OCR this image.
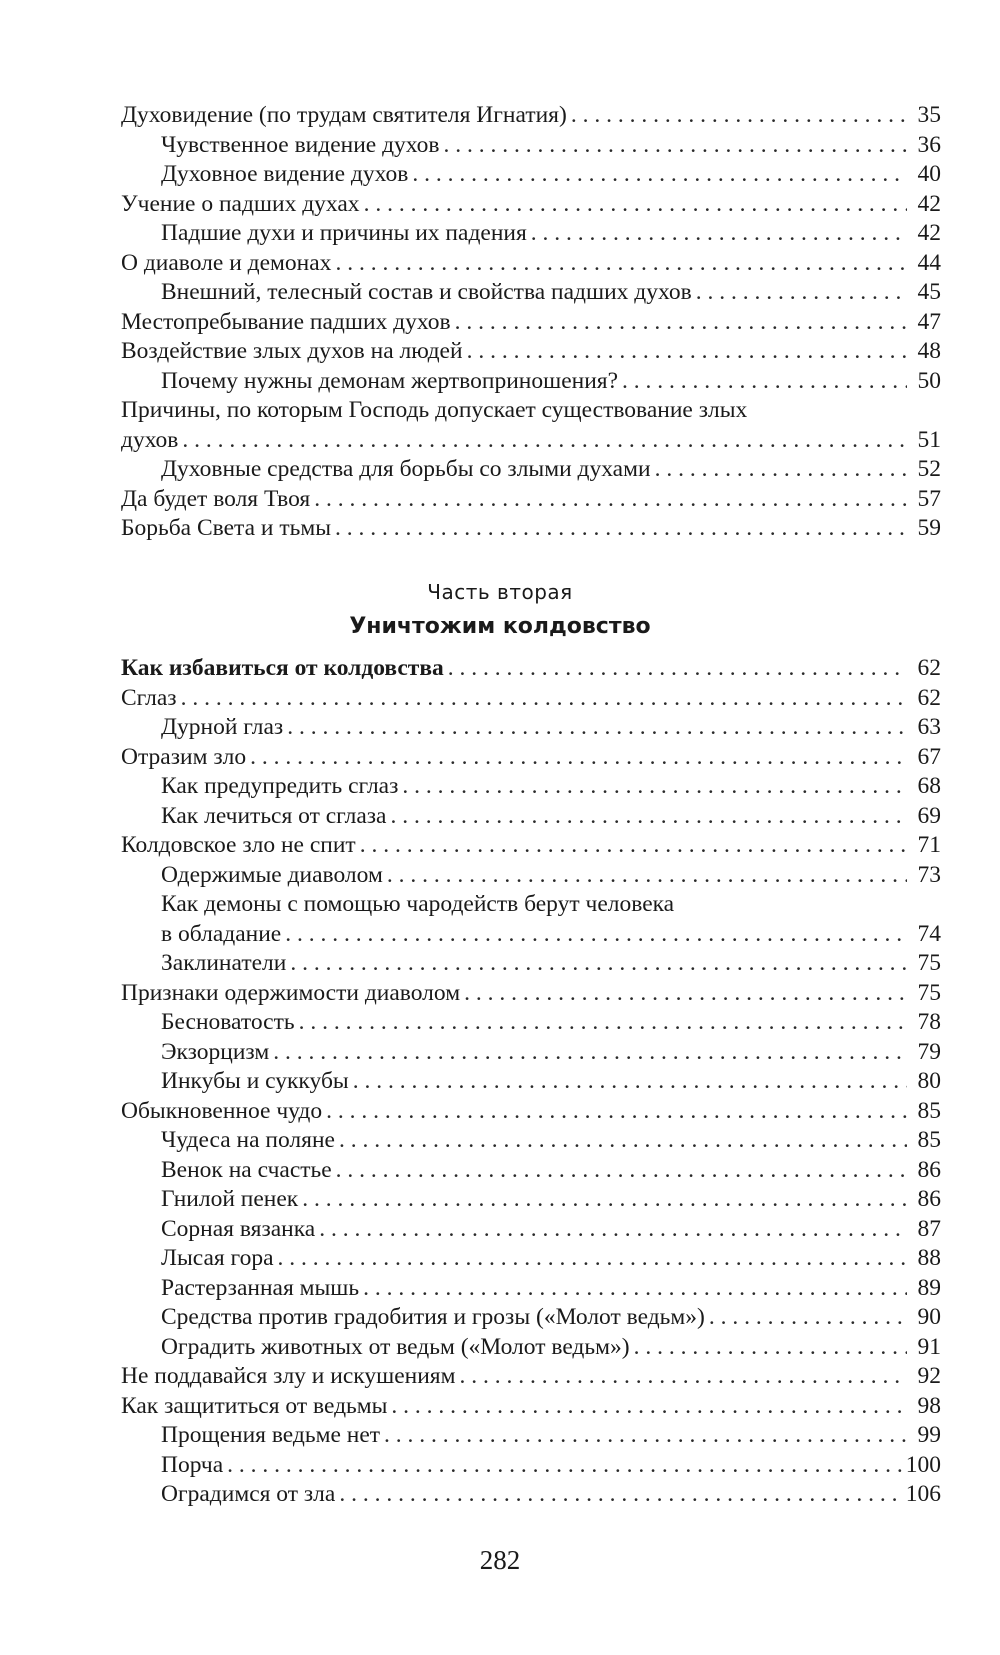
Духовидение (по трудам святителя Игнатия) . . .	35
Чувственное видение духов . . .	36
Духовное видение духов . . .	40
Учение о падших духах . . .	42
Падшие духи и причины их падения . . .	42
О диаволе и демонах . . .	44
Внешний, телесный состав и свойства падших духов . . .	45
Местопребывание падших духов . . .	47
Воздействие злых духов на людей . . .	48
Почему нужны демонам жертвоприношения? . . .	50
Причины, по которым Господь допускает существование злых
духов . . .	51
Духовные средства для борьбы со злыми духами . . .	52
Да будет воля Твоя . . .	57
Борьба Света и тьмы . . .	59
Часть вторая
Уничтожим колдовство
Как избавиться от колдовства . . .	62
Сглаз . . .	62
Дурной глаз . . .	63
Отразим зло . . .	67
Как предупредить сглаз . . .	68
Как лечиться от сглаза . . .	69
Колдовское зло не спит . . .	71
Одержимые диаволом . . .	73
Как демоны с помощью чародейств берут человека
в обладание . . .	74
Заклинатели . . .	75
Признаки одержимости диаволом . . .	75
Бесноватость . . .	78
Экзорцизм . . .	79
Инкубы и суккубы . . .	80
Обыкновенное чудо . . .	85
Чудеса на поляне . . .	85
Венок на счастье . . .	86
Гнилой пенек . . .	86
Сорная вязанка . . .	87
Лысая гора . . .	88
Растерзанная мышь . . .	89
Средства против градобития и грозы («Молот ведьм») . . .	90
Оградить животных от ведьм («Молот ведьм») . . .	91
Не поддавайся злу и искушениям . . .	92
Как защититься от ведьмы . . .	98
Прощения ведьме нет . . .	99
Порча . . .	100
Оградимся от зла . . .	106
282
